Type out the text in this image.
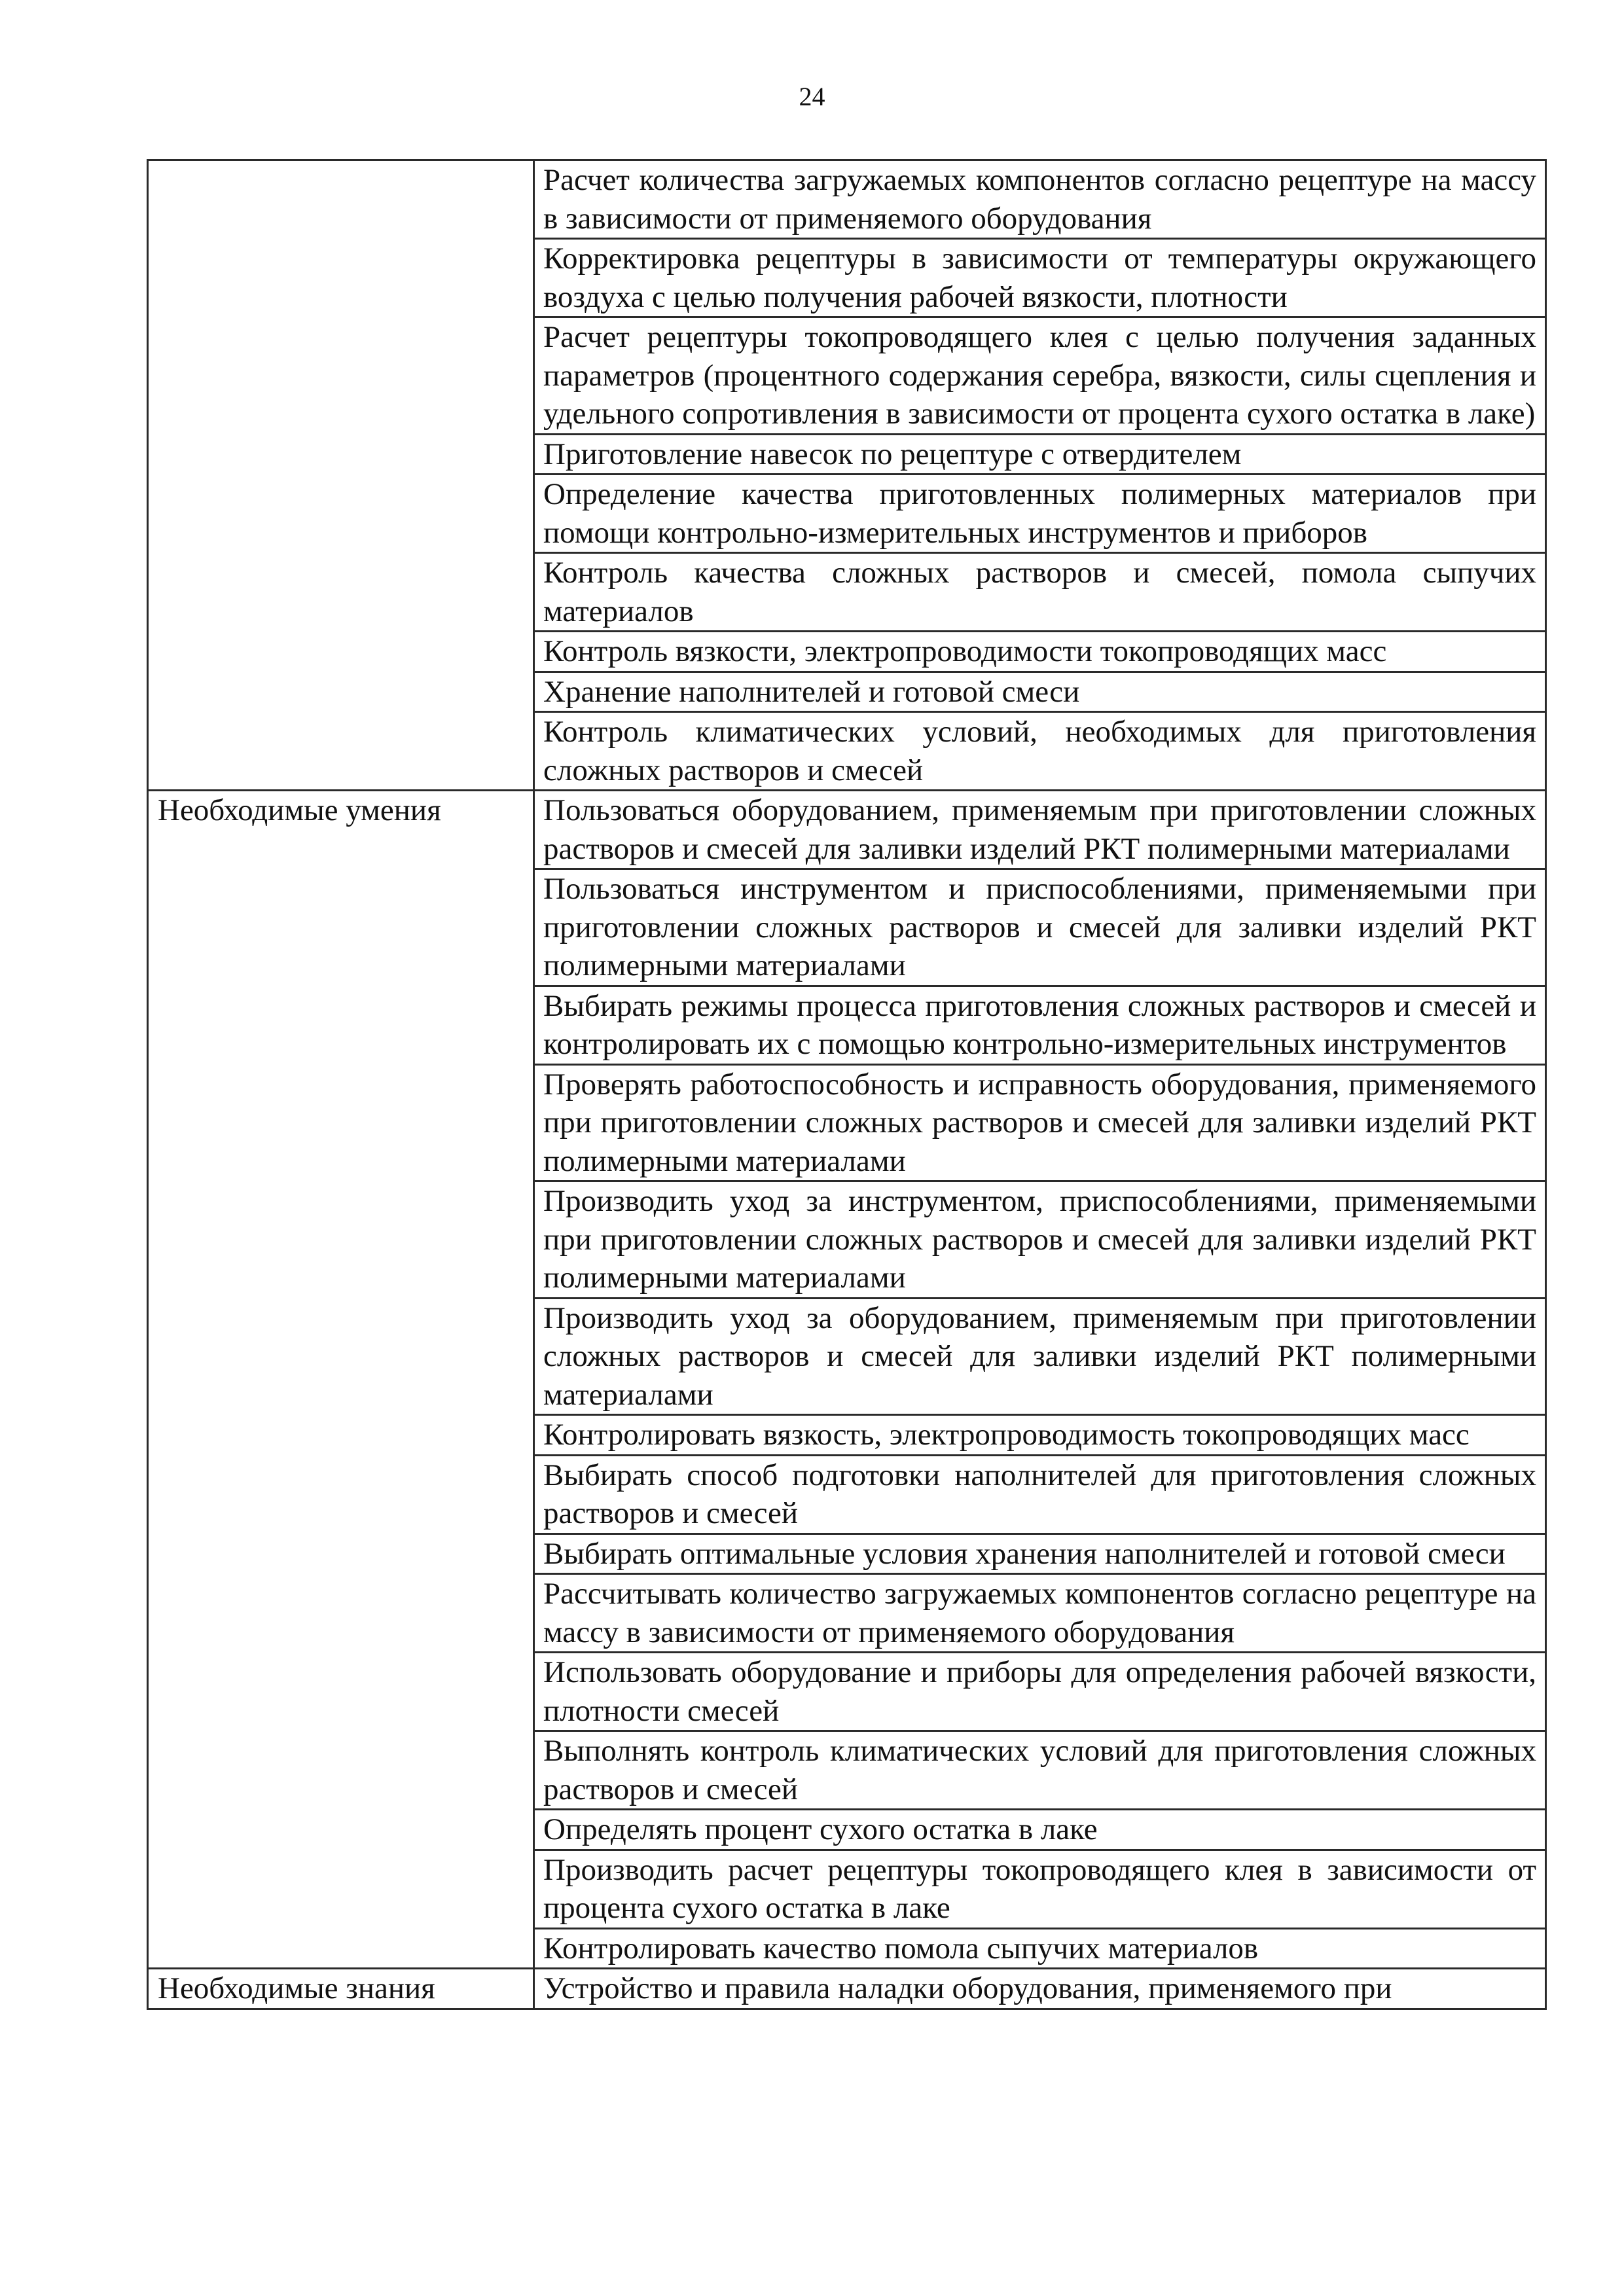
24

	Расчет количества загружаемых компонентов согласно рецептуре на массу в зависимости от применяемого оборудования

	Корректировка рецептуры в зависимости от температуры окружающего воздуха с целью получения рабочей вязкости, плотности

	Расчет рецептуры токопроводящего клея с целью получения заданных параметров (процентного содержания серебра, вязкости, силы сцепления и удельного сопротивления в зависимости от процента сухого остатка в лаке)

	Приготовление навесок по рецептуре с отвердителем

	Определение качества приготовленных полимерных материалов при помощи контрольно-измерительных инструментов и приборов

	Контроль качества сложных растворов и смесей, помола сыпучих материалов

	Контроль вязкости, электропроводимости токопроводящих масс

	Хранение наполнителей и готовой смеси

	Контроль климатических условий, необходимых для приготовления сложных растворов и смесей

Необходимые умения	Пользоваться оборудованием, применяемым при приготовлении сложных растворов и смесей для заливки изделий РКТ полимерными материалами

	Пользоваться инструментом и приспособлениями, применяемыми при приготовлении сложных растворов и смесей для заливки изделий РКТ полимерными материалами

	Выбирать режимы процесса приготовления сложных растворов и смесей и контролировать их с помощью контрольно-измерительных инструментов

	Проверять работоспособность и исправность оборудования, применяемого при приготовлении сложных растворов и смесей для заливки изделий РКТ полимерными материалами

	Производить уход за инструментом, приспособлениями, применяемыми при приготовлении сложных растворов и смесей для заливки изделий РКТ полимерными материалами

	Производить уход за оборудованием, применяемым при приготовлении сложных растворов и смесей для заливки изделий РКТ полимерными материалами

	Контролировать вязкость, электропроводимость токопроводящих масс

	Выбирать способ подготовки наполнителей для приготовления сложных растворов и смесей

	Выбирать оптимальные условия хранения наполнителей и готовой смеси

	Рассчитывать количество загружаемых компонентов согласно рецептуре на массу в зависимости от применяемого оборудования

	Использовать оборудование и приборы для определения рабочей вязкости, плотности смесей

	Выполнять контроль климатических условий для приготовления сложных растворов и смесей

	Определять процент сухого остатка в лаке

	Производить расчет рецептуры токопроводящего клея в зависимости от процента сухого остатка в лаке

	Контролировать качество помола сыпучих материалов

Необходимые знания	Устройство и правила наладки оборудования, применяемого при
